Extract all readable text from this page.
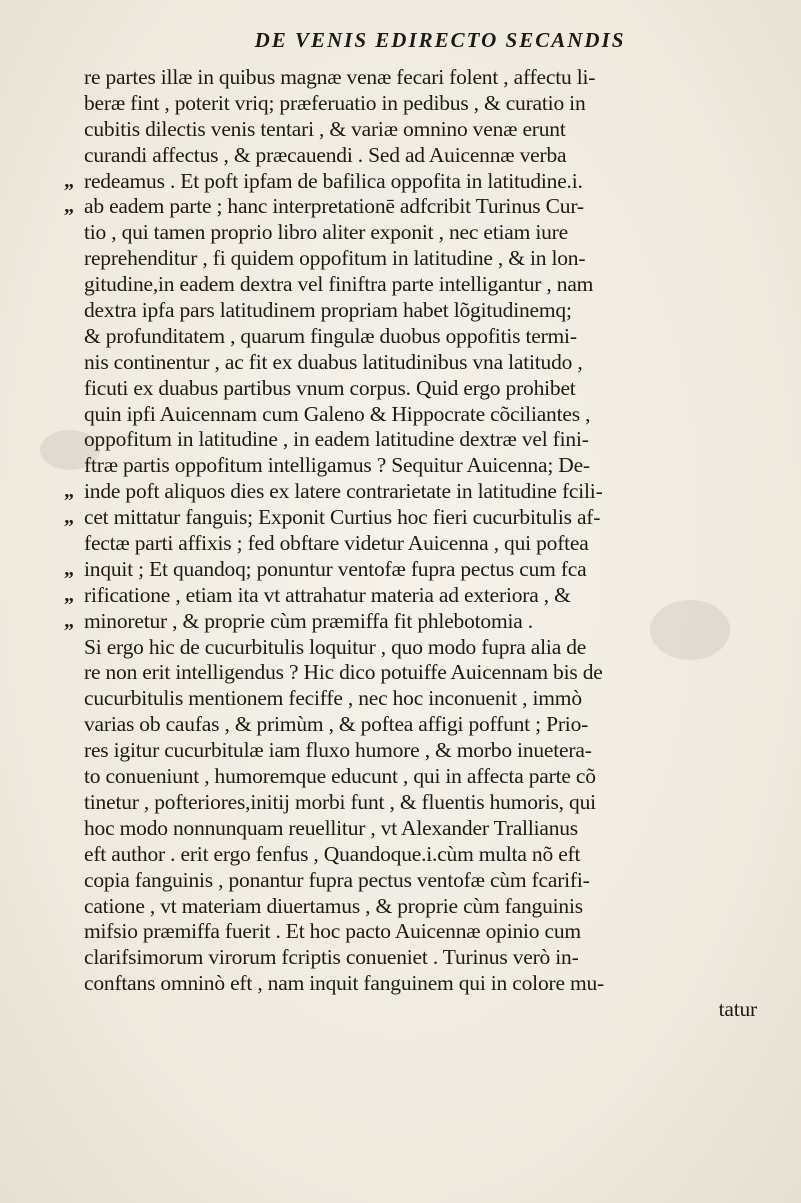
DE VENIS EDIRECTO SECANDIS
re partes illæ in quibus magnæ venæ fecari folent , affectu li-
beræ fint , poterit vriq; præferuatio in pedibus , & curatio in
cubitis dilectis venis tentari , & variæ omnino venæ erunt
curandi affectus , & præcauendi . Sed ad Auicennæ verba
„ redeamus . Et poft ipfam de bafilica oppofita in latitudine.i.
„ ab eadem parte ; hanc interpretationē adfcribit Turinus Cur-
tio , qui tamen proprio libro aliter exponit , nec etiam iure
reprehenditur , fi quidem oppofitum in latitudine , & in lon-
gitudine,in eadem dextra vel finiftra parte intelligantur , nam
dextra ipfa pars latitudinem propriam habet lõgitudinemq;
& profunditatem , quarum fingulæ duobus oppofitis termi-
nis continentur , ac fit ex duabus latitudinibus vna latitudo ,
ficuti ex duabus partibus vnum corpus. Quid ergo prohibet
quin ipfi Auicennam cum Galeno & Hippocrate cõciliantes ,
oppofitum in latitudine , in eadem latitudine dextræ vel fini-
ftræ partis oppofitum intelligamus ? Sequitur Auicenna; De-
„ inde poft aliquos dies ex latere contrarietate in latitudine fcili-
„ cet mittatur fanguis; Exponit Curtius hoc fieri cucurbitulis af-
fectæ parti affixis ; fed obftare videtur Auicenna , qui poftea
„ inquit ; Et quandoq; ponuntur ventofæ fupra pectus cum fca
„ rificatione , etiam ita vt attrahatur materia ad exteriora , &
„ minoretur , & proprie cùm præmiffa fit phlebotomia .
Si ergo hic de cucurbitulis loquitur , quo modo fupra alia de
re non erit intelligendus ? Hic dico potuiffe Auicennam bis de
cucurbitulis mentionem feciffe , nec hoc inconuenit , immò
varias ob caufas , & primùm , & poftea affigi poffunt ; Prio-
res igitur cucurbitulæ iam fluxo humore , & morbo inuetera-
to conueniunt , humoremque educunt , qui in affecta parte cõ
tinetur , pofteriores,initij morbi funt , & fluentis humoris, qui
hoc modo nonnunquam reuellitur , vt Alexander Trallianus
eft author . erit ergo fenfus , Quandoque.i.cùm multa nõ eft
copia fanguinis , ponantur fupra pectus ventofæ cùm fcarifi-
catione , vt materiam diuertamus , & proprie cùm fanguinis
mifsio præmiffa fuerit . Et hoc pacto Auicennæ opinio cum
clarifsimorum virorum fcriptis conueniet . Turinus verò in-
conftans omninò eft , nam inquit fanguinem qui in colore mu-
tatur
